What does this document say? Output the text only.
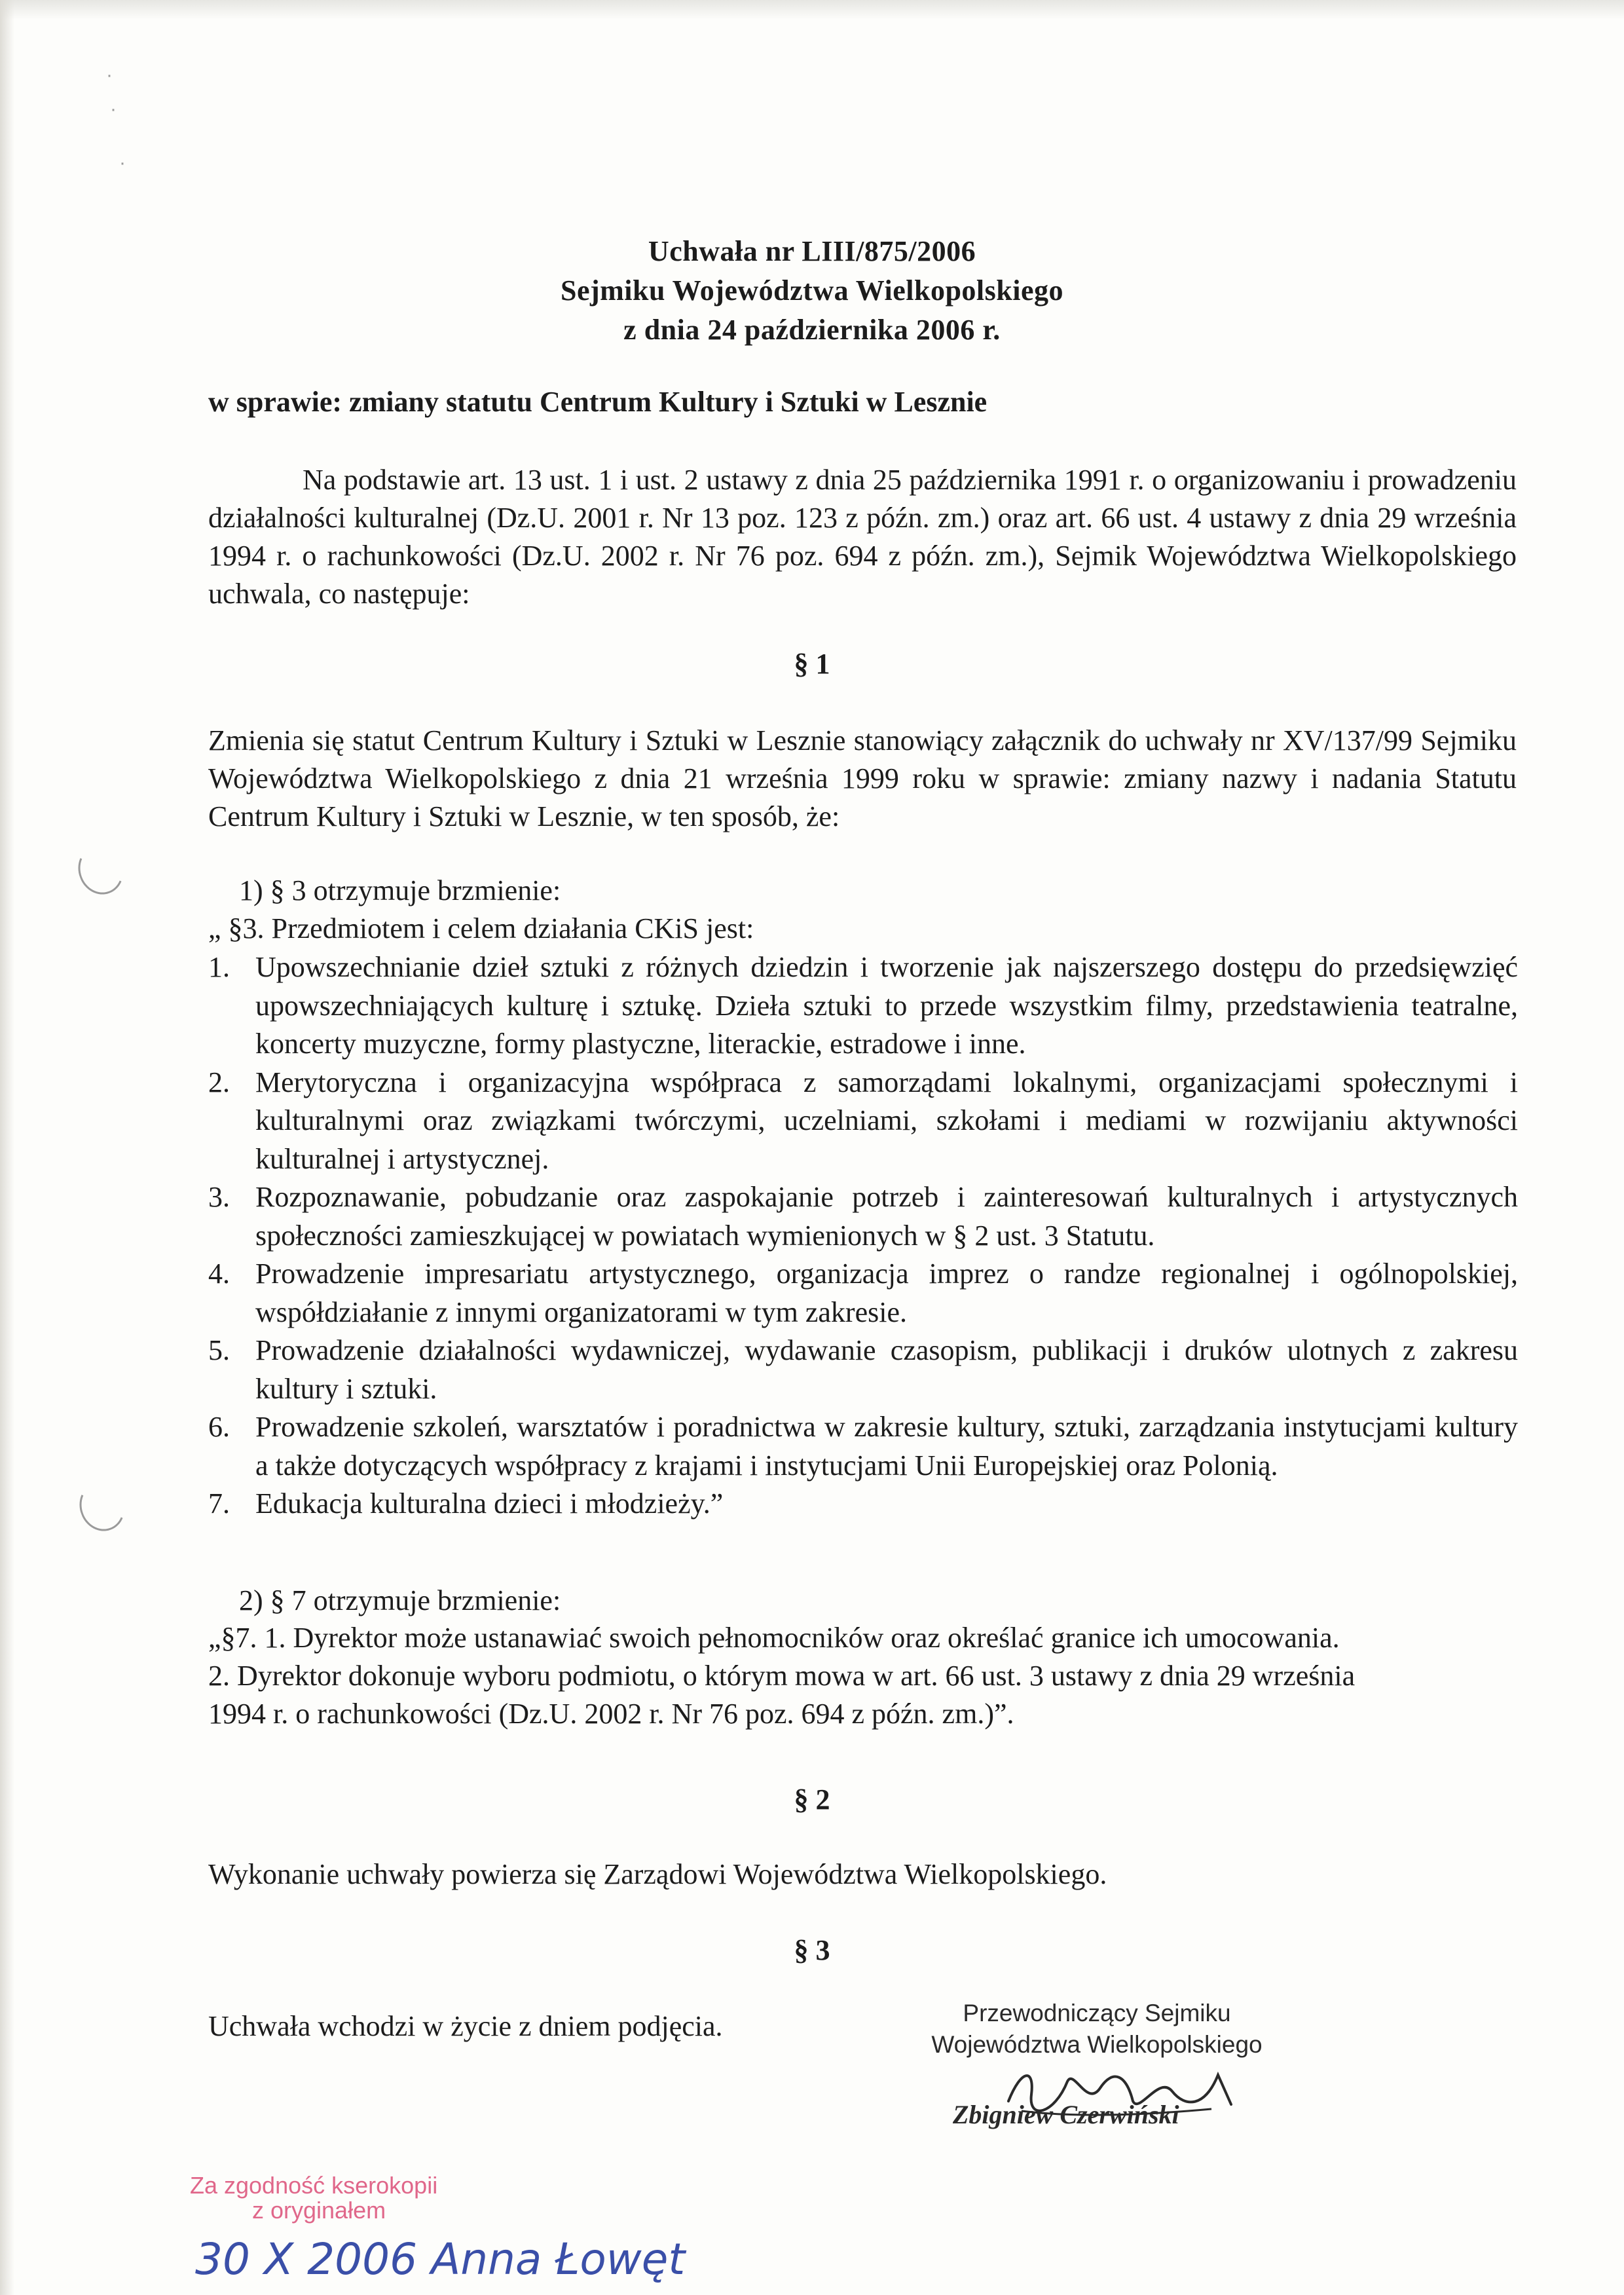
·
·
·
Uchwała nr LIII/875/2006
Sejmiku Województwa Wielkopolskiego
z dnia 24 października 2006 r.
w sprawie: zmiany statutu Centrum Kultury i Sztuki w Lesznie

Na podstawie art. 13 ust. 1 i ust. 2 ustawy z dnia 25 października 1991 r. o organizowaniu i prowadzeniu działalności kulturalnej (Dz.U. 2001 r. Nr 13 poz. 123 z późn. zm.) oraz art. 66 ust. 4 ustawy z dnia 29 września 1994 r. o rachunkowości (Dz.U. 2002 r. Nr 76 poz. 694 z późn. zm.), Sejmik Województwa Wielkopolskiego uchwala, co następuje:

§ 1

Zmienia się statut Centrum Kultury i Sztuki w Lesznie stanowiący załącznik do uchwały nr XV/137/99 Sejmiku Województwa Wielkopolskiego z dnia 21 września 1999 roku w sprawie: zmiany nazwy i nadania Statutu Centrum Kultury i Sztuki w Lesznie, w ten sposób, że:

1) § 3 otrzymuje brzmienie:
„ §3. Przedmiotem i celem działania CKiS jest:
1. Upowszechnianie dzieł sztuki z różnych dziedzin i tworzenie jak najszerszego dostępu do przedsięwzięć upowszechniających kulturę i sztukę. Dzieła sztuki to przede wszystkim filmy, przedstawienia teatralne, koncerty muzyczne, formy plastyczne, literackie, estradowe i inne.
2. Merytoryczna i organizacyjna współpraca z samorządami lokalnymi, organizacjami społecznymi i kulturalnymi oraz związkami twórczymi, uczelniami, szkołami i mediami w rozwijaniu aktywności kulturalnej i artystycznej.
3. Rozpoznawanie, pobudzanie oraz zaspokajanie potrzeb i zainteresowań kulturalnych i artystycznych społeczności zamieszkującej w powiatach wymienionych w § 2 ust. 3 Statutu.
4. Prowadzenie impresariatu artystycznego, organizacja imprez o randze regionalnej i ogólnopolskiej, współdziałanie z innymi organizatorami w tym zakresie.
5. Prowadzenie działalności wydawniczej, wydawanie czasopism, publikacji i druków ulotnych z zakresu kultury i sztuki.
6. Prowadzenie szkoleń, warsztatów i poradnictwa w zakresie kultury, sztuki, zarządzania instytucjami kultury a także dotyczących współpracy z krajami i instytucjami Unii Europejskiej oraz Polonią.
7. Edukacja kulturalna dzieci i młodzieży.”
2) § 7 otrzymuje brzmienie:

„§7. 1. Dyrektor może ustanawiać swoich pełnomocników oraz określać granice ich umocowania.
2. Dyrektor dokonuje wyboru podmiotu, o którym mowa w art. 66 ust. 3 ustawy z dnia 29 września
1994 r. o rachunkowości (Dz.U. 2002 r. Nr 76 poz. 694 z późn. zm.)”.

§ 2
Wykonanie uchwały powierza się Zarządowi Województwa Wielkopolskiego.
§ 3
Uchwała wchodzi w życie z dniem podjęcia.	Przewodniczący Sejmiku
Województwa Wielkopolskiego
Zbigniew Czerwiński
Za zgodność kserokopii
z oryginałem
30 X 2006 Anna Łowęt
